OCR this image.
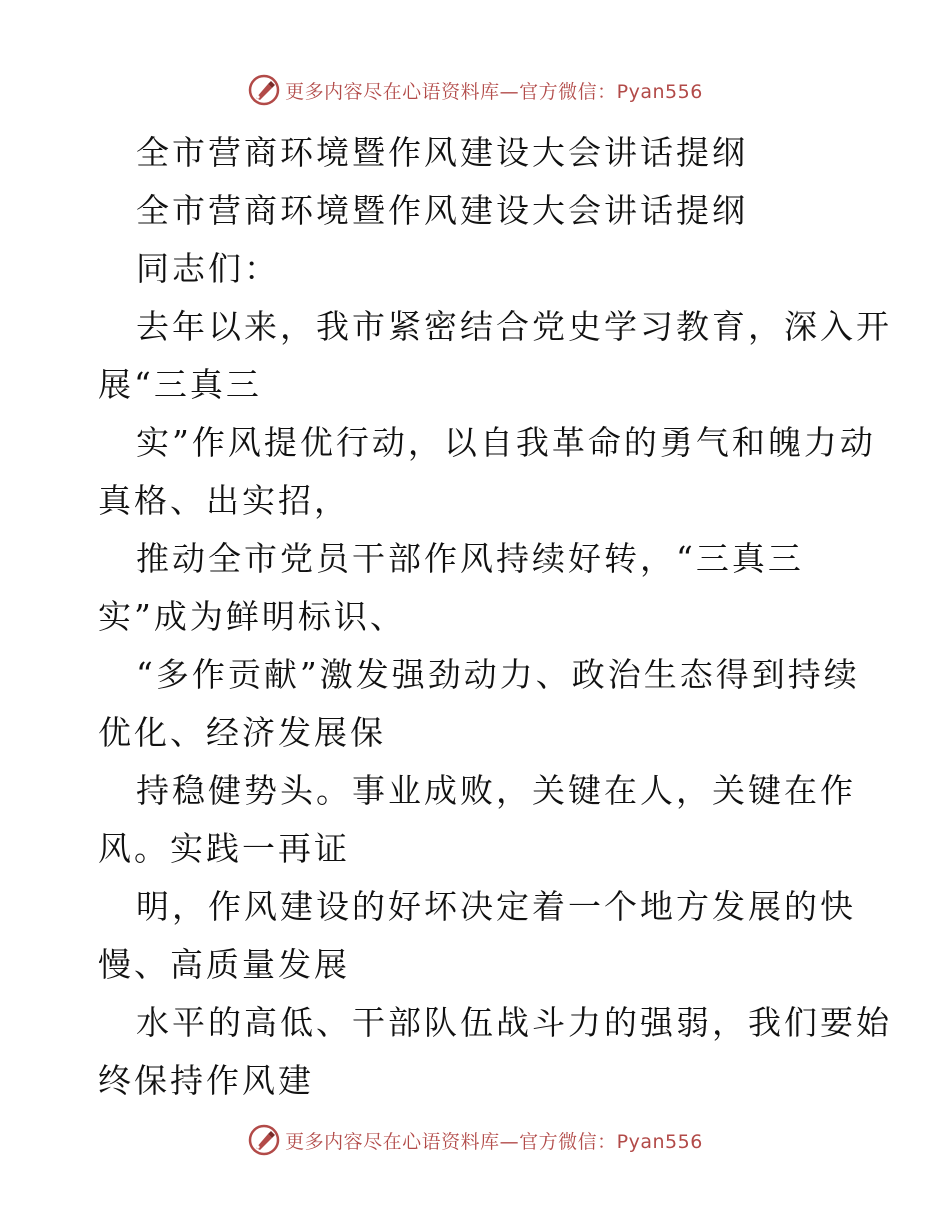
更多内容尽在心语资料库—官方微信：Pyan556
全市营商环境暨作风建设大会讲话提纲
全市营商环境暨作风建设大会讲话提纲
同志们：
去年以来，我市紧密结合党史学习教育，深入开
展“三真三
实”作风提优行动，以自我革命的勇气和魄力动
真格、出实招，
推动全市党员干部作风持续好转，“三真三
实”成为鲜明标识、
“多作贡献”激发强劲动力、政治生态得到持续
优化、经济发展保
持稳健势头。事业成败，关键在人，关键在作
风。实践一再证
明，作风建设的好坏决定着一个地方发展的快
慢、高质量发展
水平的高低、干部队伍战斗力的强弱，我们要始
终保持作风建
更多内容尽在心语资料库—官方微信：Pyan556
